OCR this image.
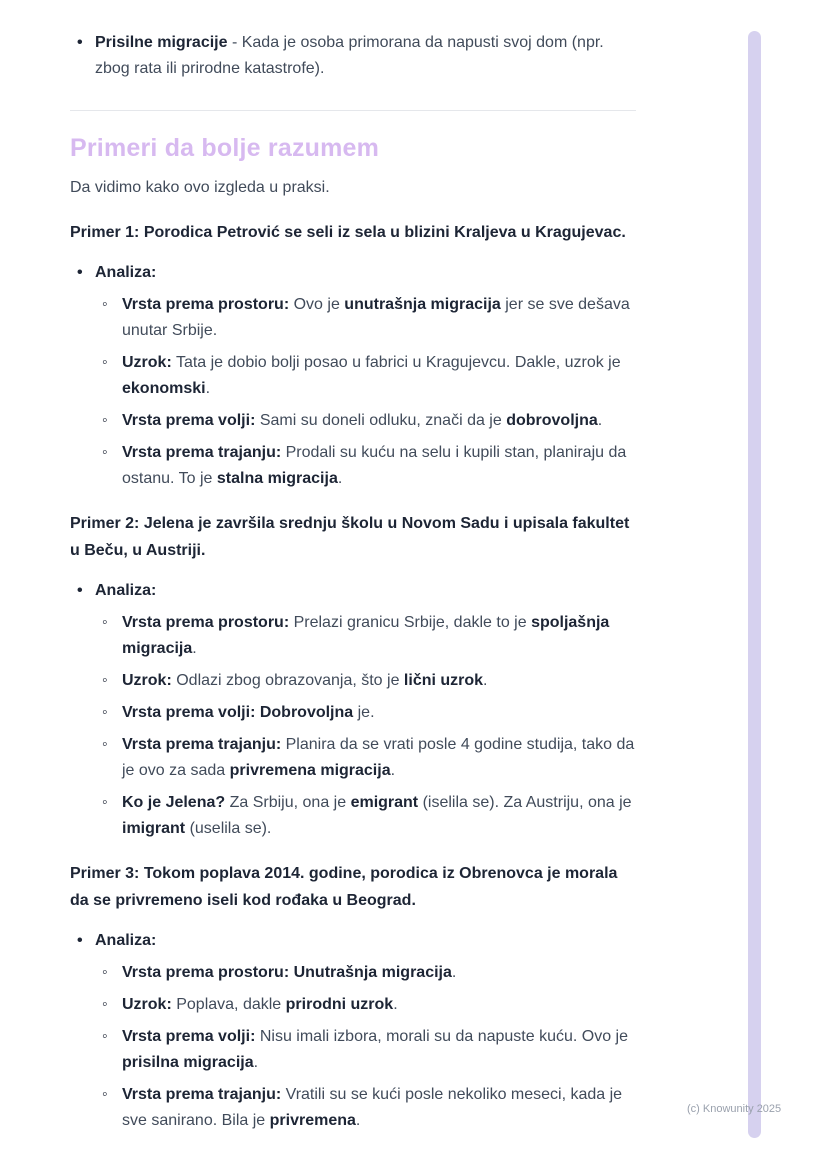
• Prisilne migracije - Kada je osoba primorana da napusti svoj dom (npr. zbog rata ili prirodne katastrofe).
Primeri da bolje razumem

Da vidimo kako ovo izgleda u praksi.

Primer 1: Porodica Petrović se seli iz sela u blizini Kraljeva u Kragujevac.

• Analiza:
◦ Vrsta prema prostoru: Ovo je unutrašnja migracija jer se sve dešava unutar Srbije.
◦ Uzrok: Tata je dobio bolji posao u fabrici u Kragujevcu. Dakle, uzrok je ekonomski.
◦ Vrsta prema volji: Sami su doneli odluku, znači da je dobrovoljna.
◦ Vrsta prema trajanju: Prodali su kuću na selu i kupili stan, planiraju da ostanu. To je stalna migracija.

Primer 2: Jelena je završila srednju školu u Novom Sadu i upisala fakultet u Beču, u Austriji.

• Analiza:
◦ Vrsta prema prostoru: Prelazi granicu Srbije, dakle to je spoljašnja migracija.
◦ Uzrok: Odlazi zbog obrazovanja, što je lični uzrok.
◦ Vrsta prema volji: Dobrovoljna je.
◦ Vrsta prema trajanju: Planira da se vrati posle 4 godine studija, tako da je ovo za sada privremena migracija.
◦ Ko je Jelena? Za Srbiju, ona je emigrant (iselila se). Za Austriju, ona je imigrant (uselila se).

Primer 3: Tokom poplava 2014. godine, porodica iz Obrenovca je morala da se privremeno iseli kod rođaka u Beograd.

• Analiza:
◦ Vrsta prema prostoru: Unutrašnja migracija.
◦ Uzrok: Poplava, dakle prirodni uzrok.
◦ Vrsta prema volji: Nisu imali izbora, morali su da napuste kuću. Ovo je prisilna migracija.
◦ Vrsta prema trajanju: Vratili su se kući posle nekoliko meseci, kada je sve sanirano. Bila je privremena.
(c) Knowunity 2025
